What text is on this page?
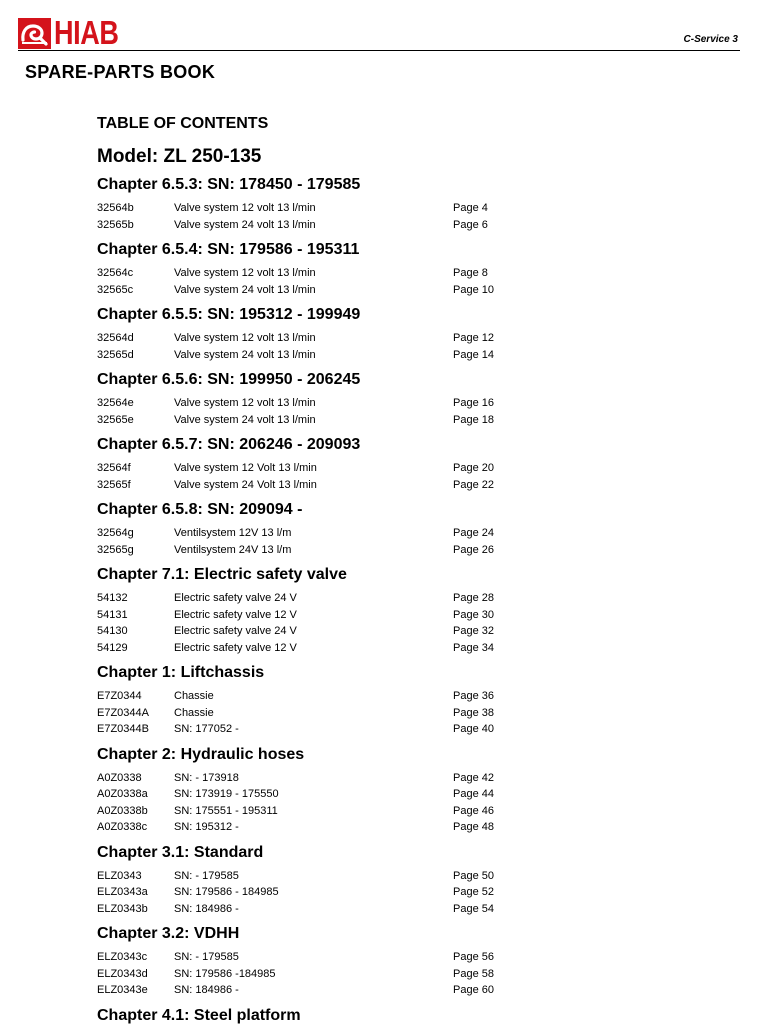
HIAB	C-Service 3
SPARE-PARTS BOOK
TABLE OF CONTENTS
Model: ZL 250-135
Chapter 6.5.3: SN: 178450 - 179585
32564b	Valve system 12 volt 13 l/min	Page 4
32565b	Valve system 24 volt 13 l/min	Page 6
Chapter 6.5.4: SN: 179586 - 195311
32564c	Valve system 12 volt 13 l/min	Page 8
32565c	Valve system 24 volt 13 l/min	Page 10
Chapter 6.5.5: SN: 195312 - 199949
32564d	Valve system 12 volt 13 l/min	Page 12
32565d	Valve system 24 volt 13 l/min	Page 14
Chapter 6.5.6: SN: 199950 - 206245
32564e	Valve system 12 volt 13 l/min	Page 16
32565e	Valve system 24 volt 13 l/min	Page 18
Chapter 6.5.7: SN: 206246 - 209093
32564f	Valve system 12 Volt 13 l/min	Page 20
32565f	Valve system 24 Volt 13 l/min	Page 22
Chapter 6.5.8: SN: 209094 -
32564g	Ventilsystem 12V 13 l/m	Page 24
32565g	Ventilsystem 24V 13 l/m	Page 26
Chapter 7.1: Electric safety valve
54132	Electric safety valve 24 V	Page 28
54131	Electric safety valve 12 V	Page 30
54130	Electric safety valve 24 V	Page 32
54129	Electric safety valve 12 V	Page 34
Chapter 1: Liftchassis
E7Z0344	Chassie	Page 36
E7Z0344A Chassie	Page 38
E7Z0344B SN: 177052 -	Page 40
Chapter 2: Hydraulic hoses
A0Z0338	SN: - 173918	Page 42
A0Z0338a SN: 173919 - 175550	Page 44
A0Z0338b SN: 175551 - 195311	Page 46
A0Z0338c SN: 195312 -	Page 48
Chapter 3.1: Standard
ELZ0343	SN: - 179585	Page 50
ELZ0343a SN: 179586 - 184985	Page 52
ELZ0343b SN: 184986 -	Page 54
Chapter 3.2: VDHH
ELZ0343c SN: - 179585	Page 56
ELZ0343d SN: 179586 -184985	Page 58
ELZ0343e SN: 184986 -	Page 60
Chapter 4.1: Steel platform
